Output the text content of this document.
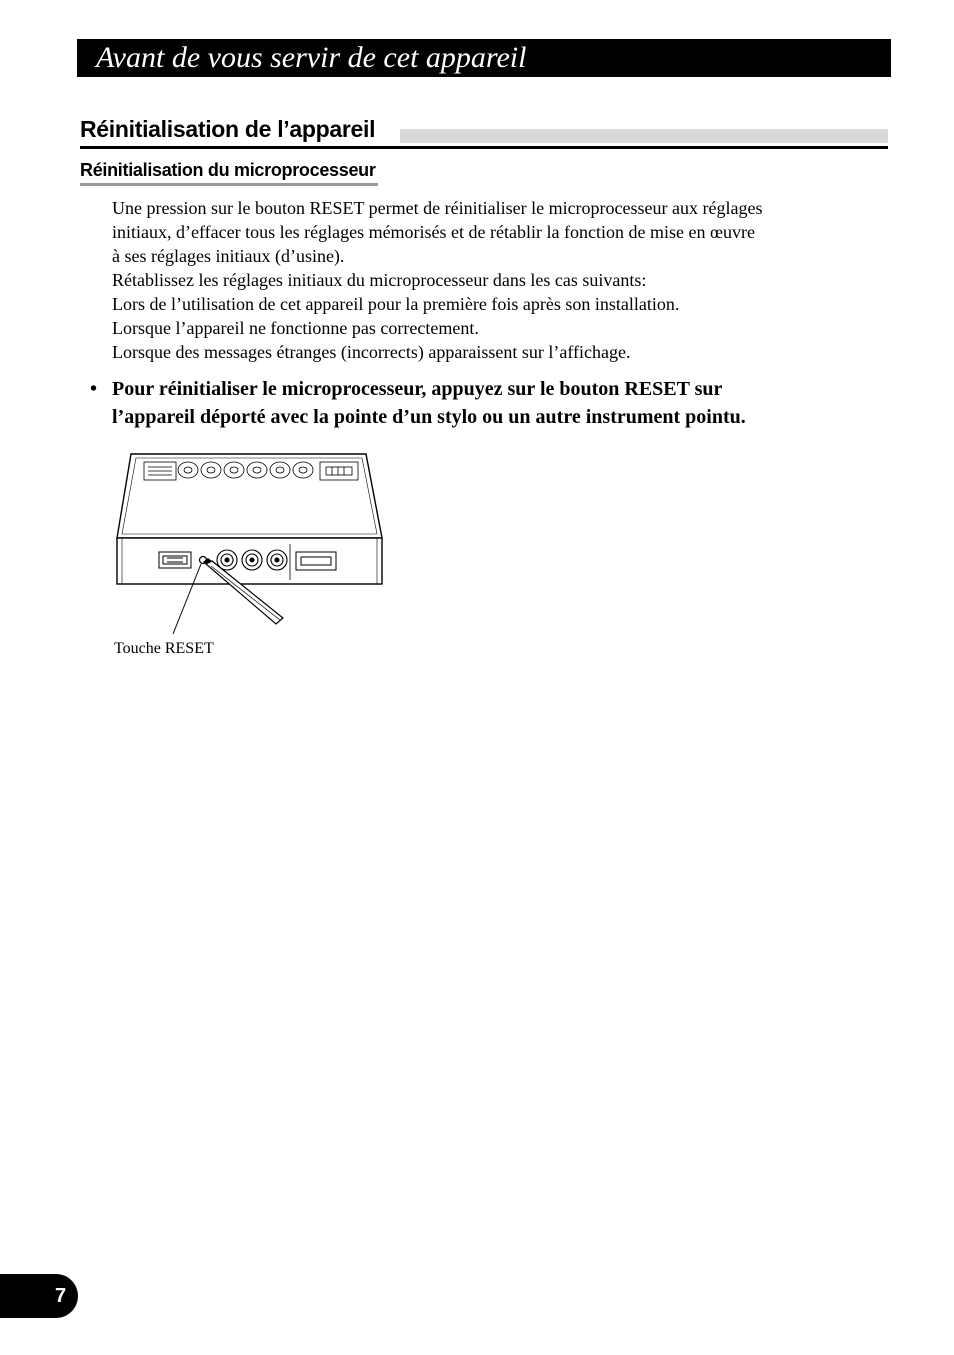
Avant de vous servir de cet appareil
Réinitialisation de l’appareil
Réinitialisation du microprocesseur

Une pression sur le bouton RESET permet de réinitialiser le microprocesseur aux réglages

initiaux, d’effacer tous les réglages mémorisés et de rétablir la fonction de mise en œuvre

à ses réglages initiaux (d’usine).

Rétablissez les réglages initiaux du microprocesseur dans les cas suivants:

Lors de l’utilisation de cet appareil pour la première fois après son installation.

Lorsque l’appareil ne fonctionne pas correctement.

Lorsque des messages étranges (incorrects) apparaissent sur l’affichage.

• Pour réinitialiser le microprocesseur, appuyez sur le bouton RESET sur
l’appareil déporté avec la pointe d’un stylo ou un autre instrument pointu.
Touche RESET
7
